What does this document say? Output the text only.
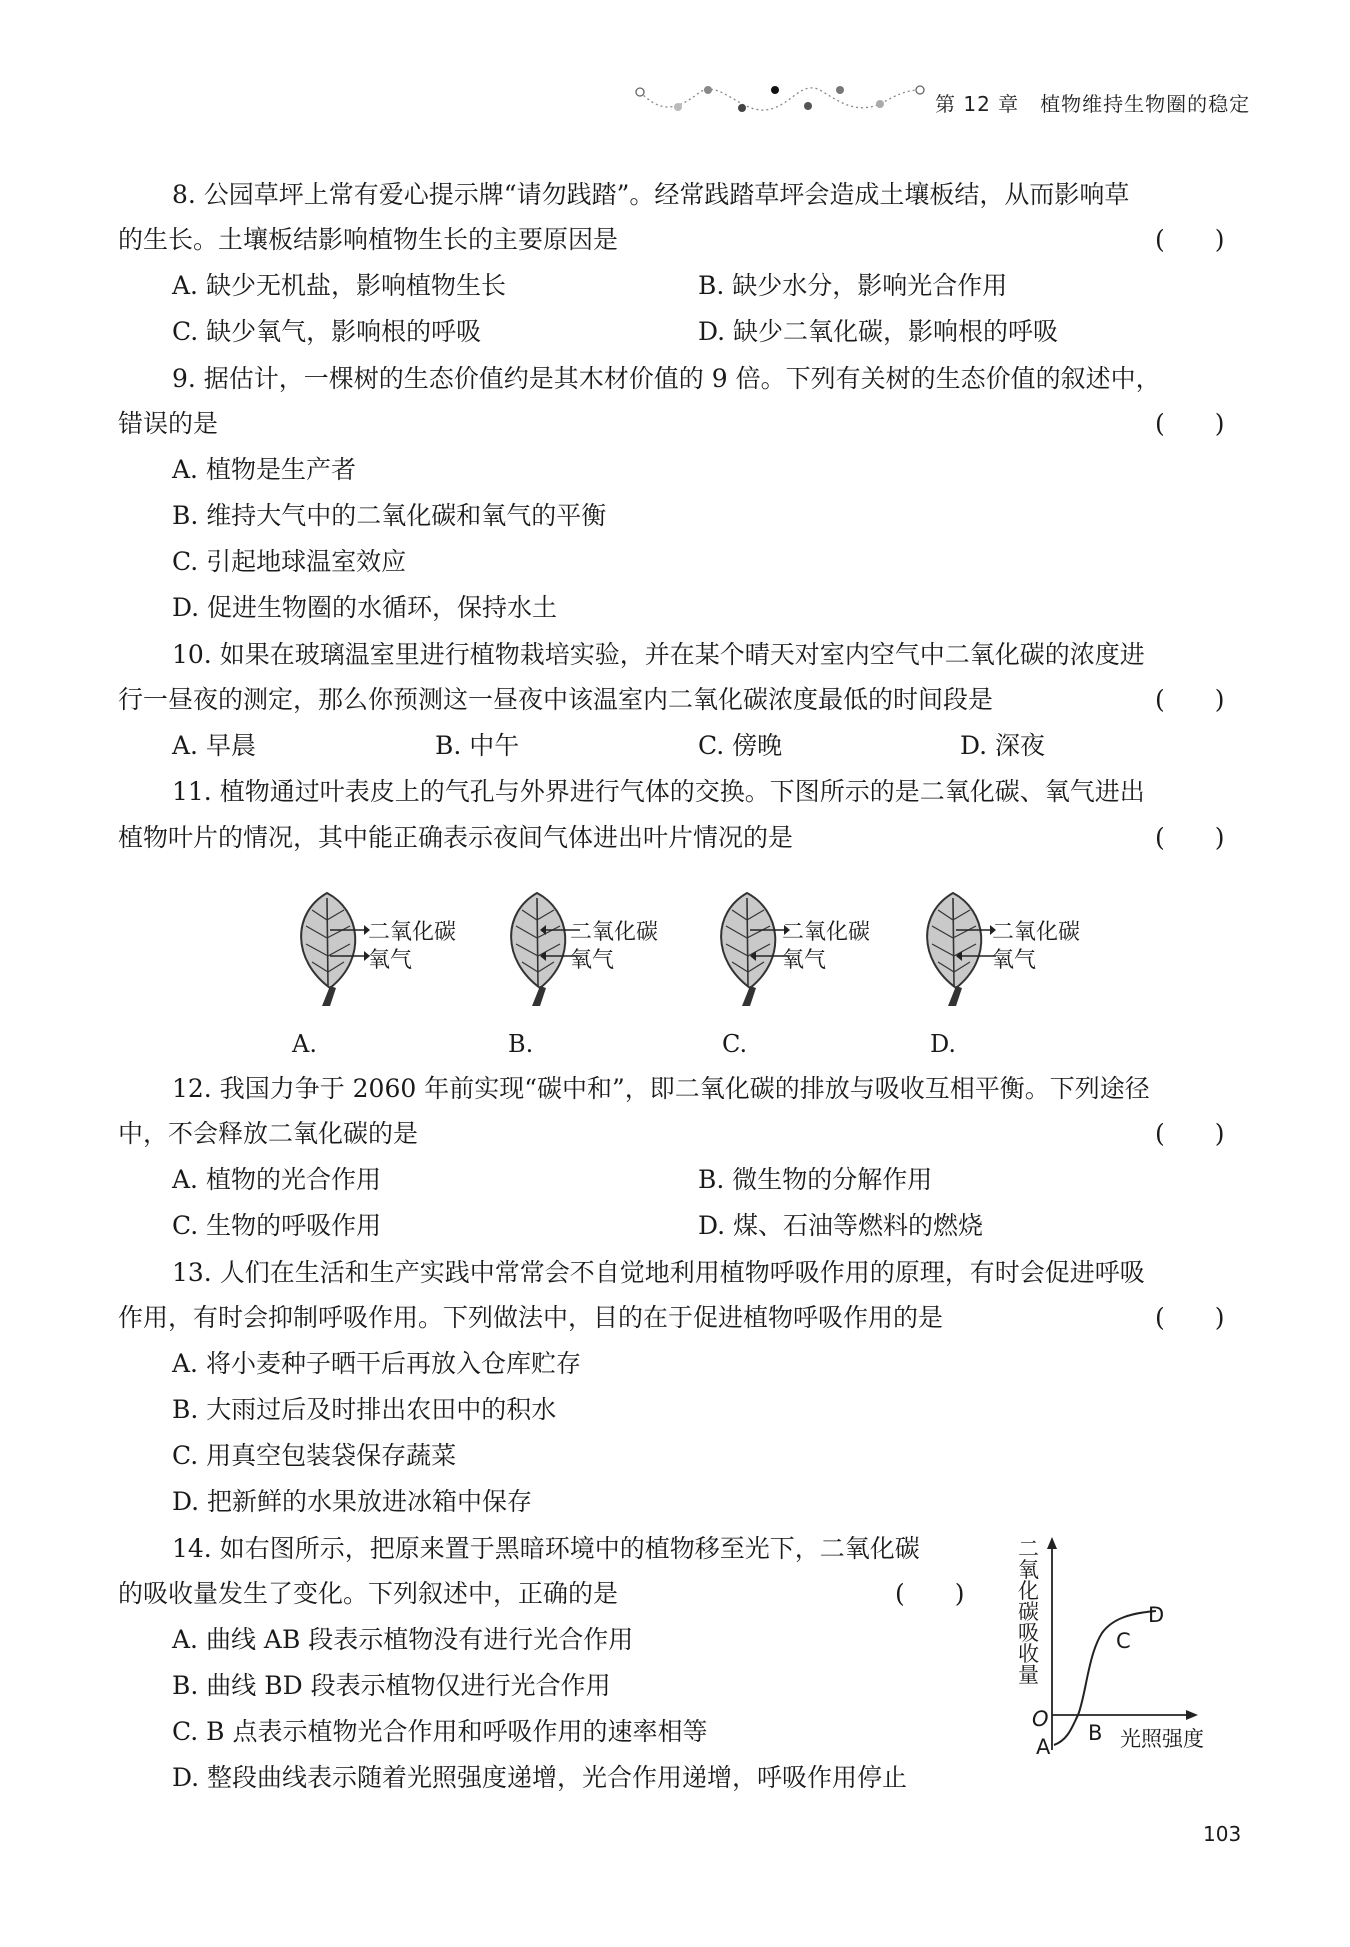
第 12 章　植物维持生物圈的稳定
8. 公园草坪上常有爱心提示牌“请勿践踏”。经常践踏草坪会造成土壤板结，从而影响草
的生长。土壤板结影响植物生长的主要原因是	(　　)
A. 缺少无机盐，影响植物生长	B. 缺少水分，影响光合作用
C. 缺少氧气，影响根的呼吸	D. 缺少二氧化碳，影响根的呼吸
9. 据估计，一棵树的生态价值约是其木材价值的 9 倍。下列有关树的生态价值的叙述中，
错误的是	(　　)
A. 植物是生产者
B. 维持大气中的二氧化碳和氧气的平衡
C. 引起地球温室效应
D. 促进生物圈的水循环，保持水土
10. 如果在玻璃温室里进行植物栽培实验，并在某个晴天对室内空气中二氧化碳的浓度进
行一昼夜的测定，那么你预测这一昼夜中该温室内二氧化碳浓度最低的时间段是	(　　)
A. 早晨	B. 中午	C. 傍晚	D. 深夜
11. 植物通过叶表皮上的气孔与外界进行气体的交换。下图所示的是二氧化碳、氧气进出
植物叶片的情况，其中能正确表示夜间气体进出叶片情况的是	(　　)
二氧化碳
氧气
A.
二氧化碳
氧气
B.
二氧化碳
氧气
C.
二氧化碳
氧气
D.
12. 我国力争于 2060 年前实现“碳中和”，即二氧化碳的排放与吸收互相平衡。下列途径
中，不会释放二氧化碳的是	(　　)
A. 植物的光合作用	B. 微生物的分解作用
C. 生物的呼吸作用	D. 煤、石油等燃料的燃烧
13. 人们在生活和生产实践中常常会不自觉地利用植物呼吸作用的原理，有时会促进呼吸
作用，有时会抑制呼吸作用。下列做法中，目的在于促进植物呼吸作用的是	(　　)
A. 将小麦种子晒干后再放入仓库贮存
B. 大雨过后及时排出农田中的积水
C. 用真空包装袋保存蔬菜
D. 把新鲜的水果放进冰箱中保存
14. 如右图所示，把原来置于黑暗环境中的植物移至光下，二氧化碳
的吸收量发生了变化。下列叙述中，正确的是	(　　)
A. 曲线 AB 段表示植物没有进行光合作用
B. 曲线 BD 段表示植物仅进行光合作用
C. B 点表示植物光合作用和呼吸作用的速率相等
D. 整段曲线表示随着光照强度递增，光合作用递增，呼吸作用停止
二氧化碳吸收量
O
A
B
C
D
光照强度
103
